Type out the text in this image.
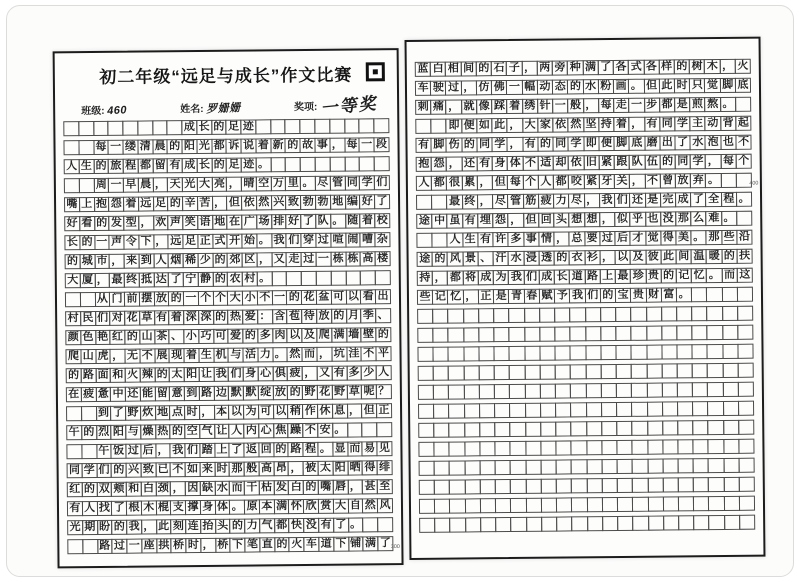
初二年级“远足与成长”作文比赛
班级: 460	姓名: 罗姗姗	奖项: 一等奖
300
成 长 的 足 迹
每 一 缕 清 晨 的 阳 光 都 诉 说 着 新 的 故 事 ， 每 一 段
人 生 的 旅 程 都 留 有 成 长 的 足 迹 。
周 一 早 晨 ， 天 光 大 亮 ， 晴 空 万 里 。 尽 管 同 学 们
嘴 上 抱 怨 着 远 足 的 辛 苦 ， 但 依 然 兴 致 勃 勃 地 编 好 了
好 看 的 发 型 ， 欢 声 笑 语 地 在 广 场 排 好 了 队 。 随 着 校
长 的 一 声 令 下 ， 远 足 正 式 开 始 。 我 们 穿 过 喧 闹 嘈 杂
的 城 市 ， 来 到 人 烟 稀 少 的 郊 区 ， 又 走 过 一 栋 栋 高 楼
大 厦 ， 最 终 抵 达 了 宁 静 的 农 村 。
从 门 前 摆 放 的 一 个 个 大 小 不 一 的 花 盆 可 以 看 出
村 民 们 对 花 草 有 着 深 深 的 热 爱 ： 含 苞 待 放 的 月 季 、
颜 色 艳 红 的 山 茶 、 小 巧 可 爱 的 多 肉 以 及 爬 满 墙 壁 的
爬 山 虎 ， 无 不 展 现 着 生 机 与 活 力 。 然 而 ， 坑 洼 不 平
的 路 面 和 火 辣 的 太 阳 让 我 们 身 心 俱 疲 ， 又 有 多 少 人
在 疲 惫 中 还 能 留 意 到 路 边 默 默 绽 放 的 野 花 野 草 呢 ？
到 了 野 炊 地 点 时 ， 本 以 为 可 以 稍 作 休 息 ， 但 正
午 的 烈 阳 与 燥 热 的 空 气 让 人 内 心 焦 躁 不 安 。
午 饭 过 后 ， 我 们 踏 上 了 返 回 的 路 程 。 显 而 易 见
同 学 们 的 兴 致 已 不 如 来 时 那 般 高 昂 ， 被 太 阳 晒 得 绯
红 的 双 颊 和 白 颈 ， 因 缺 水 而 干 枯 发 白 的 嘴 唇 ， 甚 至
有 人 找 了 根 木 棍 支 撑 身 体 。 原 本 满 怀 欣 赏 大 自 然 风
光 期 盼 的 我 ， 此 刻 连 抬 头 的 力 气 都 快 没 有 了 。
路 过 一 座 拱 桥 时 ， 桥 下 笔 直 的 火 车 道 下 铺 满 了
400
蓝 白 相 间 的 石 子 ， 两 旁 种 满 了 各 式 各 样 的 树 木 ， 火
车 驶 过 ， 仿 佛 一 幅 动 态 的 水 粉 画 。 但 此 时 只 觉 脚 底
刺 痛 ， 就 像 踩 着 绣 针 一 般 ， 每 走 一 步 都 是 煎 熬 。
即 便 如 此 ， 大 家 依 然 坚 持 着 ， 有 同 学 主 动 背 起
有 脚 伤 的 同 学 ， 有 的 同 学 即 便 脚 底 磨 出 了 水 泡 也 不
抱 怨 ， 还 有 身 体 不 适 却 依 旧 紧 跟 队 伍 的 同 学 ， 每 个
人 都 很 累 ， 但 每 个 人 都 咬 紧 牙 关 ， 不 曾 放 弃 。
最 终 ， 尽 管 筋 疲 力 尽 ， 我 们 还 是 完 成 了 全 程 。
途 中 虽 有 埋 怨 ， 但 回 头 想 想 ， 似 乎 也 没 那 么 难 。
人 生 有 许 多 事 情 ， 总 要 过 后 才 觉 得 美 。 那 些 沿
途 的 风 景 、 汗 水 浸 透 的 衣 衫 ， 以 及 彼 此 间 温 暖 的 扶
持 ， 都 将 成 为 我 们 成 长 道 路 上 最 珍 贵 的 记 忆 。 而 这
些 记 忆 ， 正 是 青 春 赋 予 我 们 的 宝 贵 财 富 。
